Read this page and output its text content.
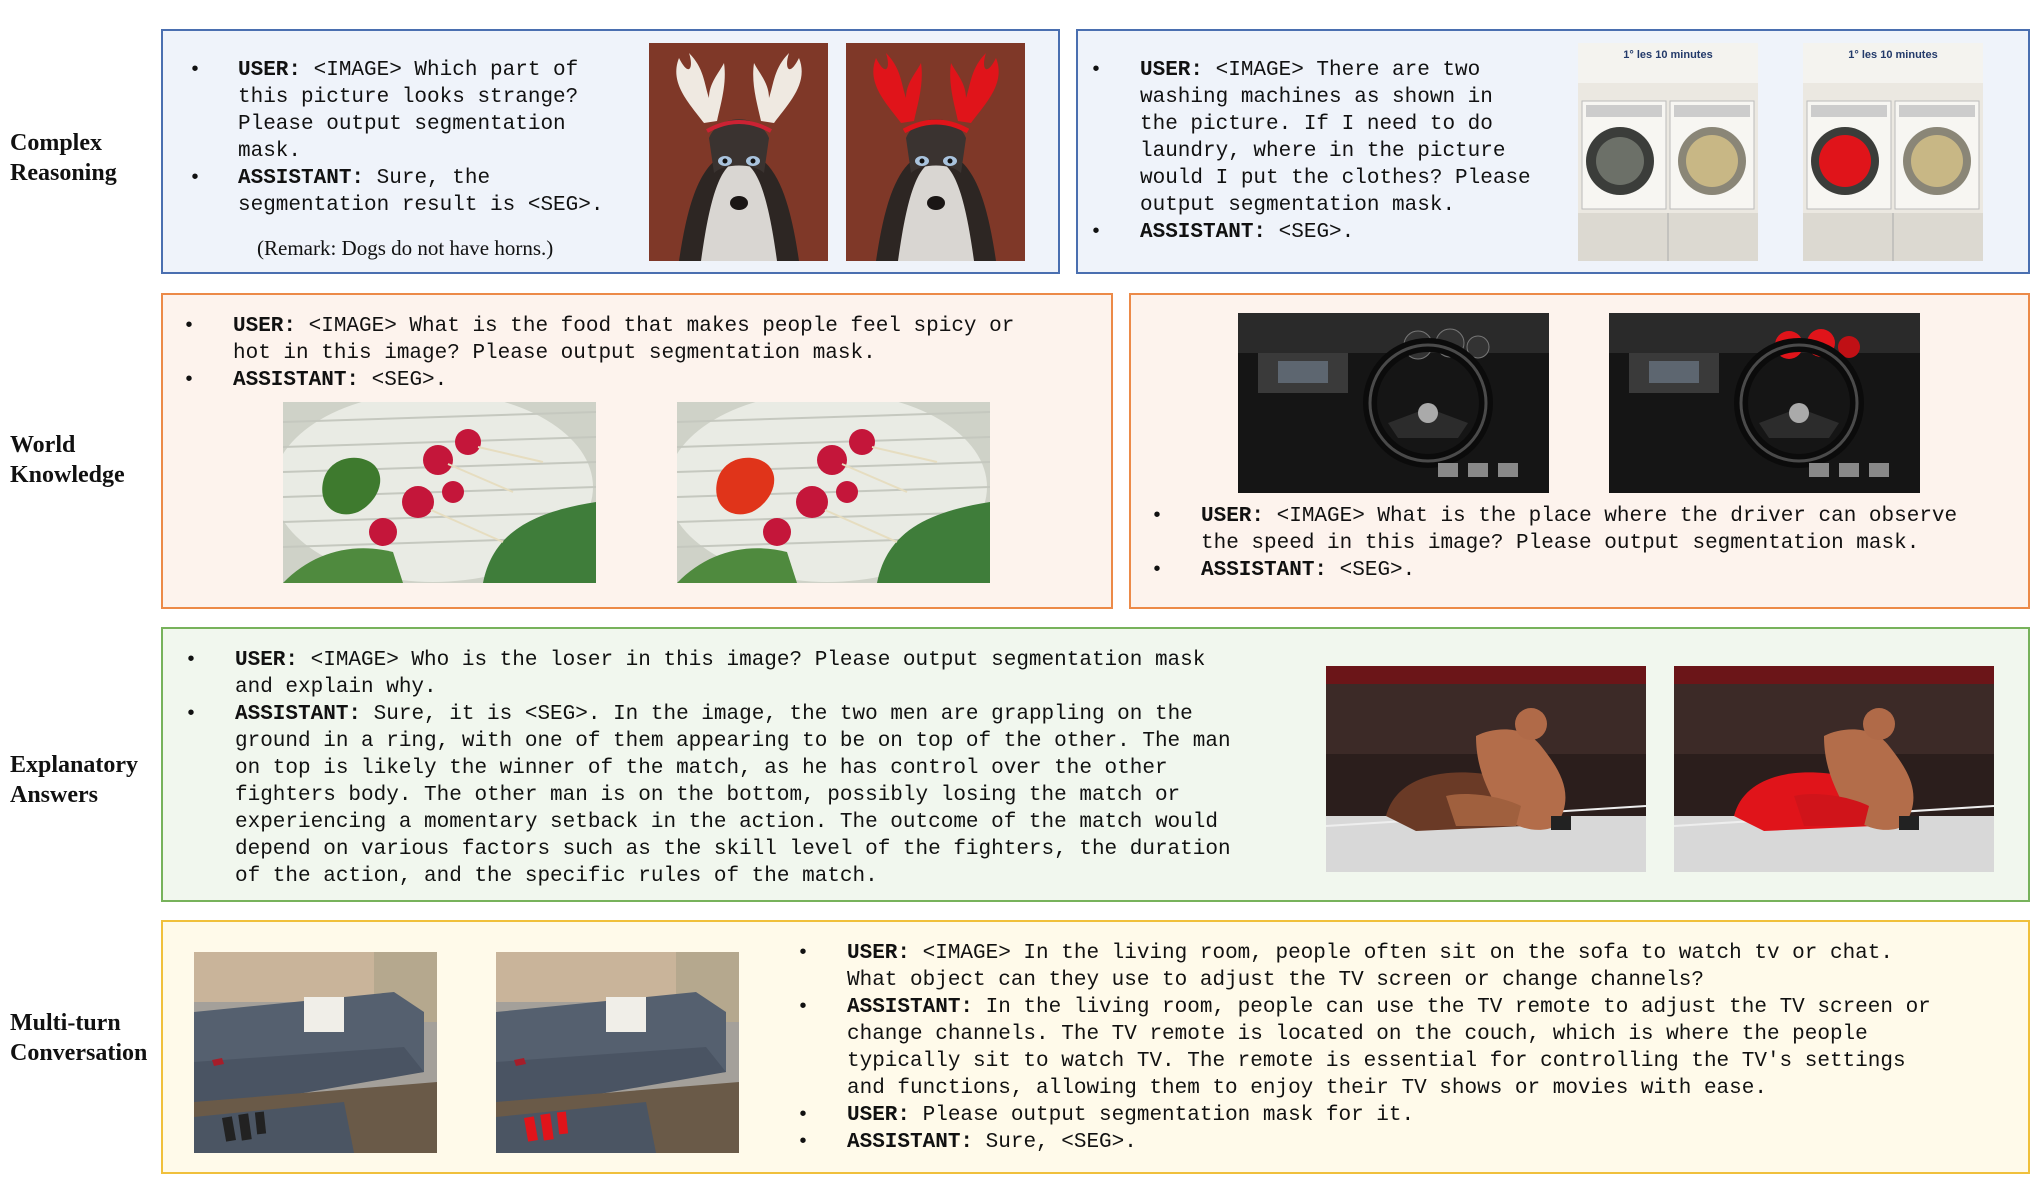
Complex
Reasoning
World
Knowledge
Explanatory
Answers
Multi-turn
Conversation
• USER: <IMAGE> Which part of
this picture looks strange?
Please output segmentation
mask.
• ASSISTANT: Sure, the
segmentation result is <SEG>.
(Remark: Dogs do not have horns.)
• USER: <IMAGE> There are two
washing machines as shown in
the picture. If I need to do
laundry, where in the picture
would I put the clothes? Please
output segmentation mask.
• ASSISTANT: <SEG>.
1° les 10 minutes	1° les 10 minutes
• USER: <IMAGE> What is the food that makes people feel spicy or
hot in this image? Please output segmentation mask.
• ASSISTANT: <SEG>.
• USER: <IMAGE> What is the place where the driver can observe
the speed in this image? Please output segmentation mask.
• ASSISTANT: <SEG>.
• USER: <IMAGE> Who is the loser in this image? Please output segmentation mask
and explain why.
• ASSISTANT: Sure, it is <SEG>. In the image, the two men are grappling on the
ground in a ring, with one of them appearing to be on top of the other. The man
on top is likely the winner of the match, as he has control over the other
fighters body. The other man is on the bottom, possibly losing the match or
experiencing a momentary setback in the action. The outcome of the match would
depend on various factors such as the skill level of the fighters, the duration
of the action, and the specific rules of the match.
• USER: <IMAGE> In the living room, people often sit on the sofa to watch tv or chat.
What object can they use to adjust the TV screen or change channels?
• ASSISTANT: In the living room, people can use the TV remote to adjust the TV screen or
change channels. The TV remote is located on the couch, which is where the people
typically sit to watch TV. The remote is essential for controlling the TV's settings
and functions, allowing them to enjoy their TV shows or movies with ease.
• USER: Please output segmentation mask for it.
• ASSISTANT: Sure, <SEG>.
